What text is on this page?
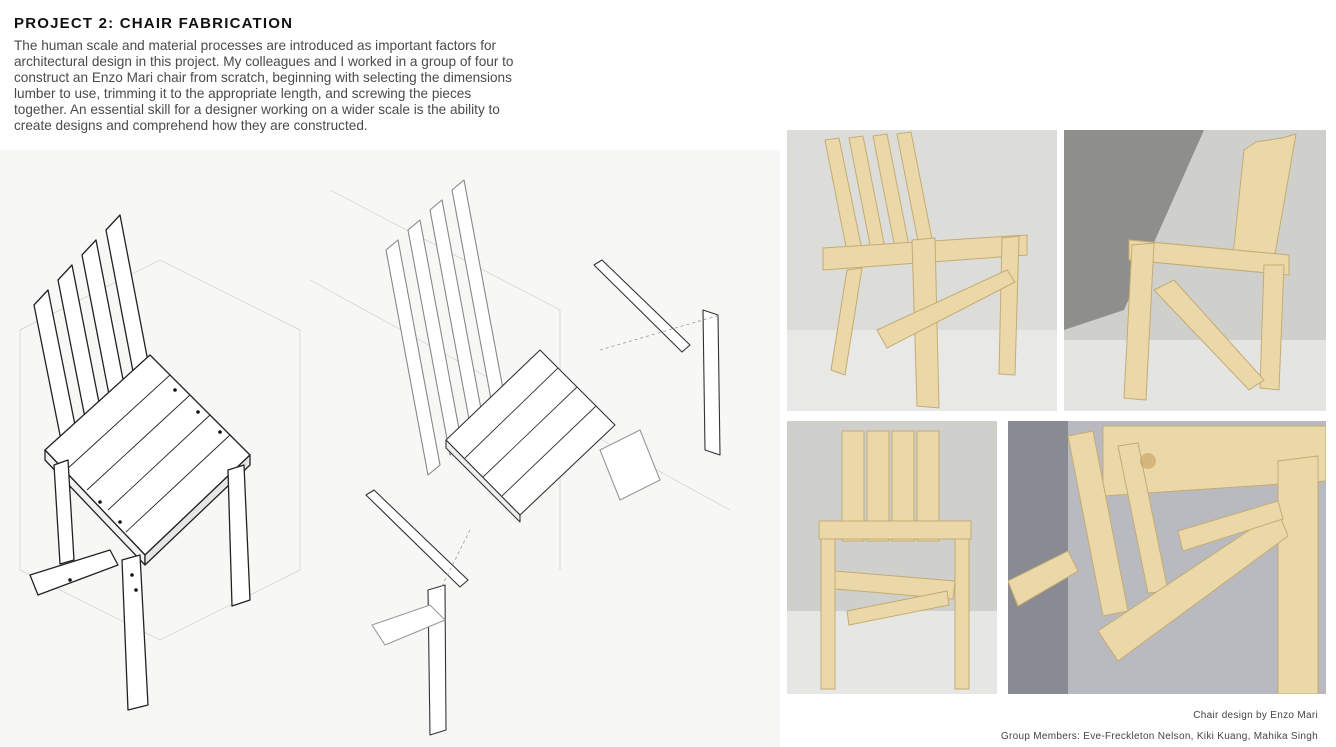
PROJECT 2: CHAIR FABRICATION
The human scale and material processes are introduced as important factors for architectural design in this project. My colleagues and I worked in a group of four to construct an Enzo Mari chair from scratch, beginning with selecting the dimensions lumber to use, trimming it to the appropriate length, and screwing the pieces together. An essential skill for a designer working on a wider scale is the ability to create designs and comprehend how they are constructed.
Chair design by Enzo Mari
Group Members: Eve-Freckleton Nelson, Kiki Kuang, Mahika Singh
